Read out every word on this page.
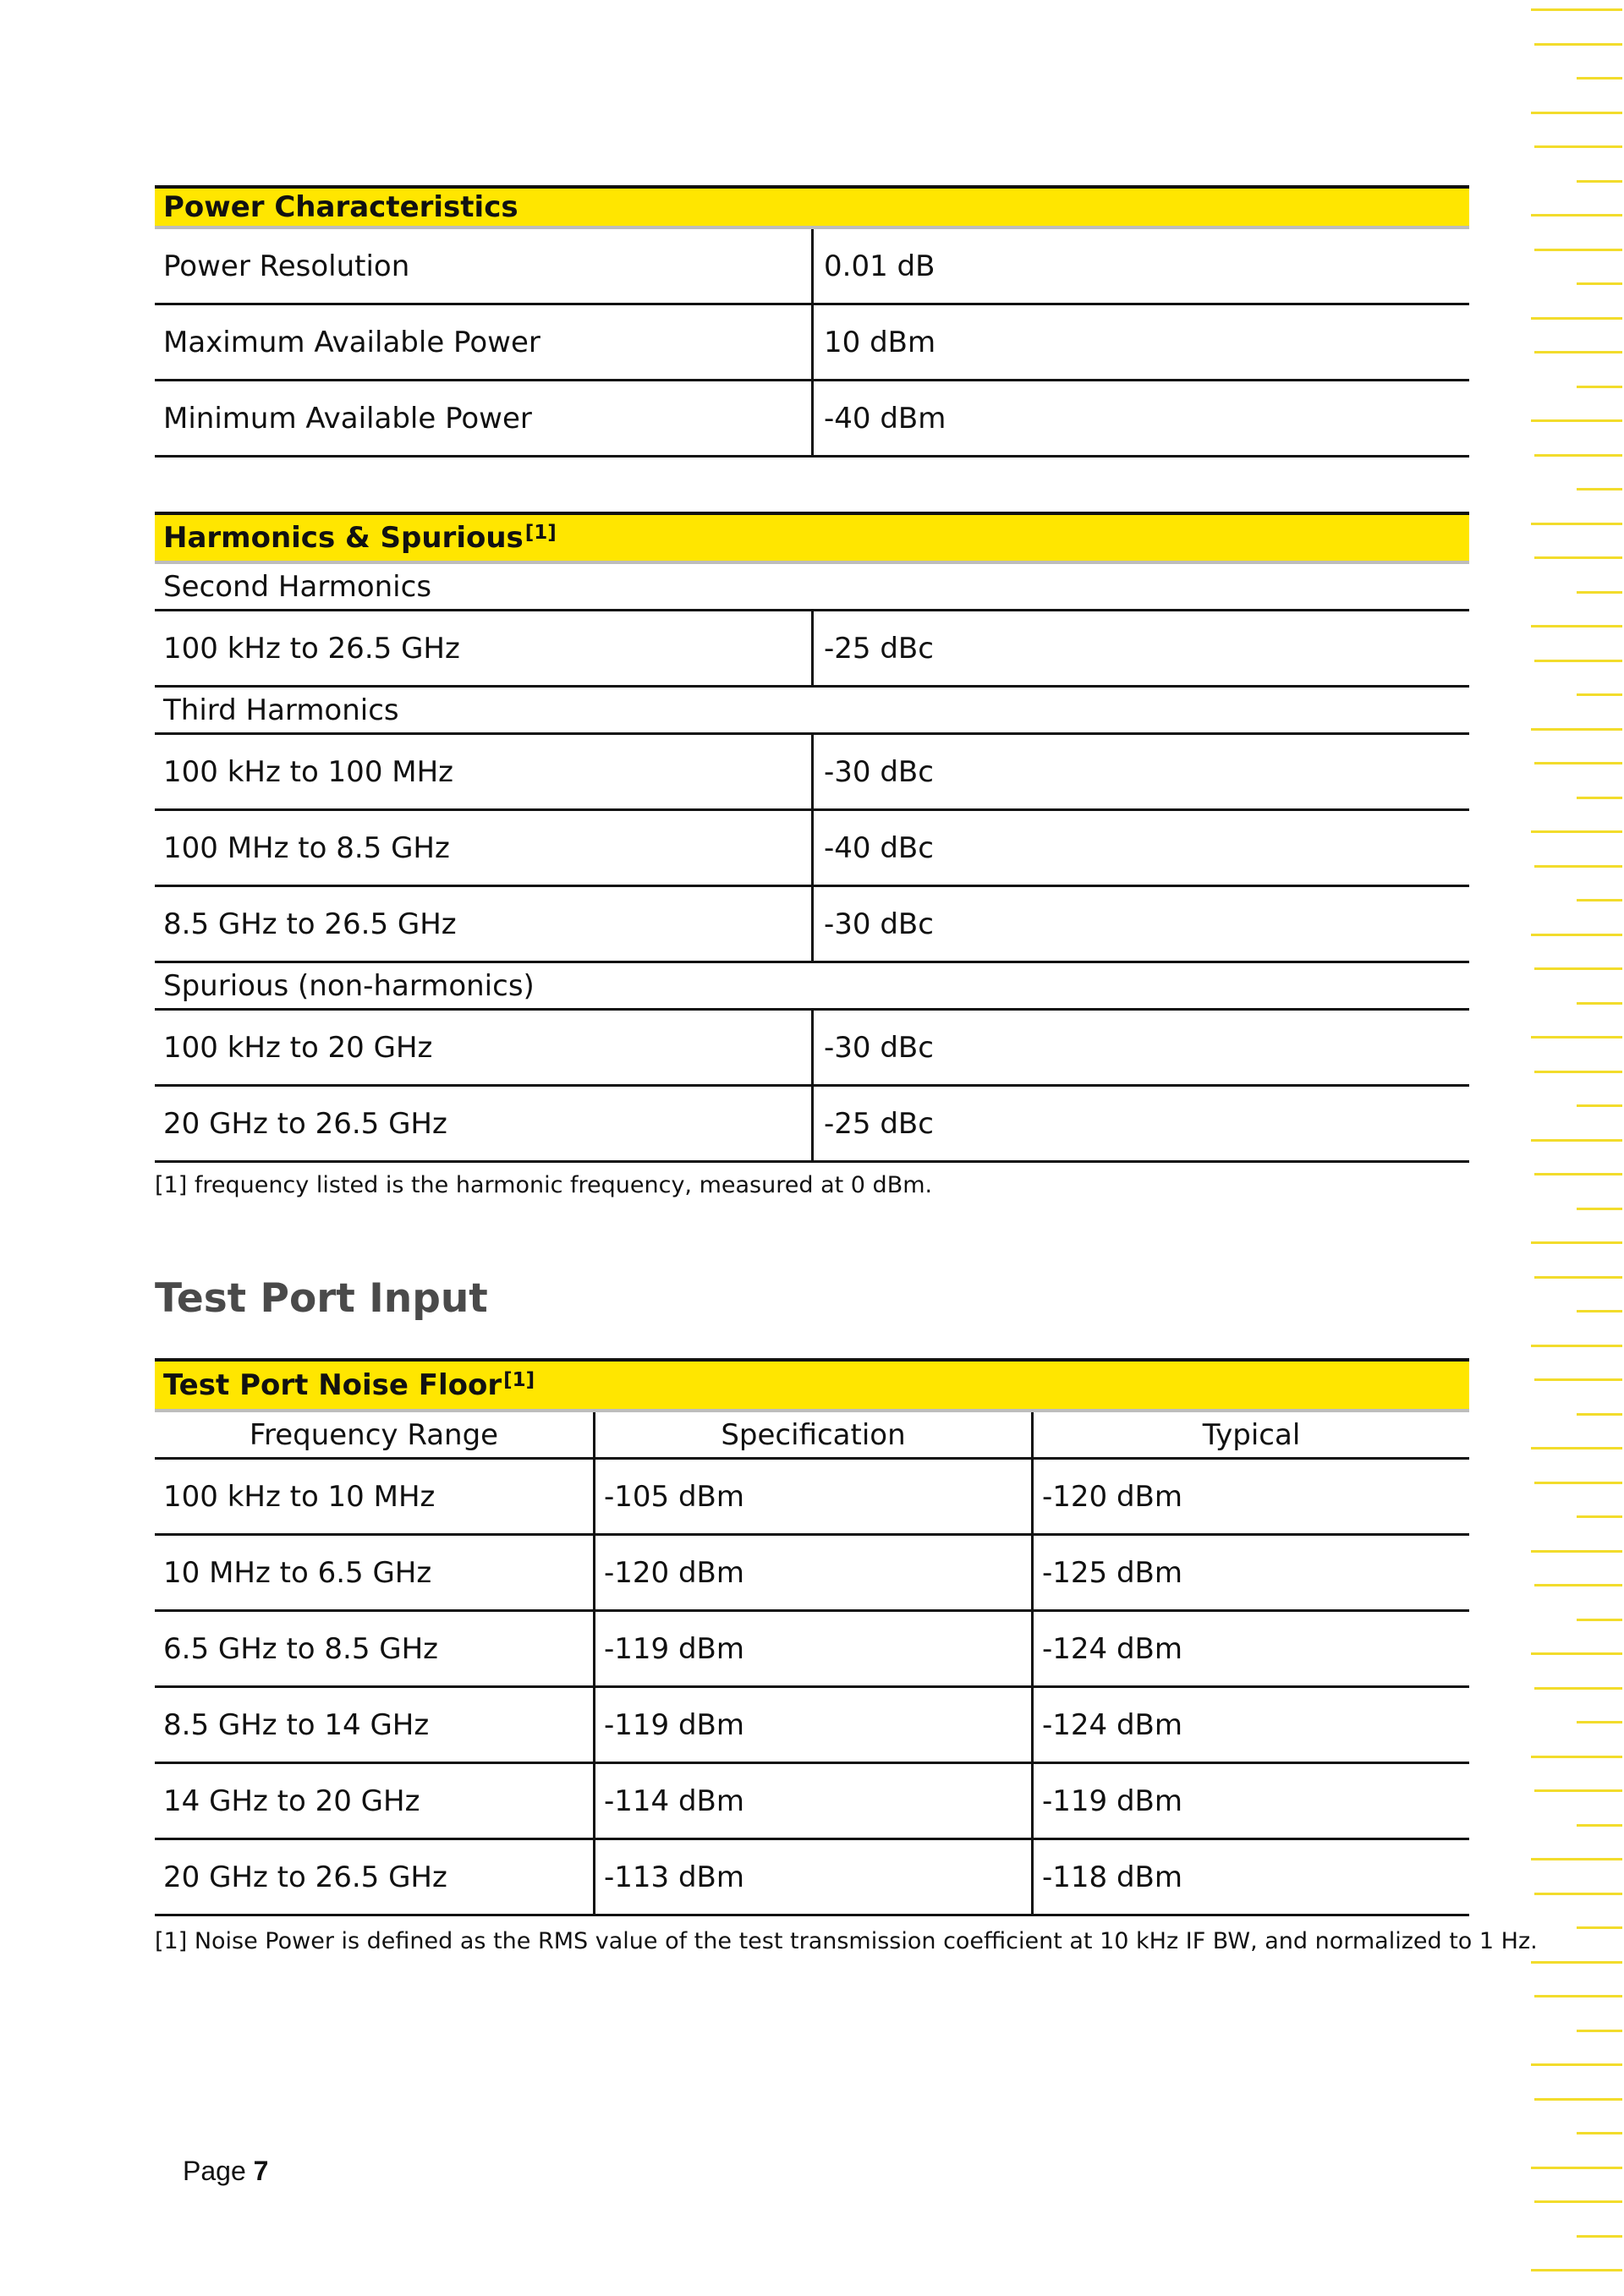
Power Characteristics
Power Resolution	0.01 dB
Maximum Available Power	10 dBm
Minimum Available Power	-40 dBm
Harmonics & Spurious[1]
Second Harmonics
100 kHz to 26.5 GHz	-25 dBc
Third Harmonics
100 kHz to 100 MHz	-30 dBc
100 MHz to 8.5 GHz	-40 dBc
8.5 GHz to 26.5 GHz	-30 dBc
Spurious (non-harmonics)
100 kHz to 20 GHz	-30 dBc
20 GHz to 26.5 GHz	-25 dBc
[1] frequency listed is the harmonic frequency, measured at 0 dBm.
Test Port Input
Test Port Noise Floor[1]
Frequency Range	Specification	Typical
100 kHz to 10 MHz	-105 dBm	-120 dBm
10 MHz to 6.5 GHz	-120 dBm	-125 dBm
6.5 GHz to 8.5 GHz	-119 dBm	-124 dBm
8.5 GHz to 14 GHz	-119 dBm	-124 dBm
14 GHz to 20 GHz	-114 dBm	-119 dBm
20 GHz to 26.5 GHz	-113 dBm	-118 dBm
[1] Noise Power is defined as the RMS value of the test transmission coefficient at 10 kHz IF BW, and normalized to 1 Hz.
Page 7
